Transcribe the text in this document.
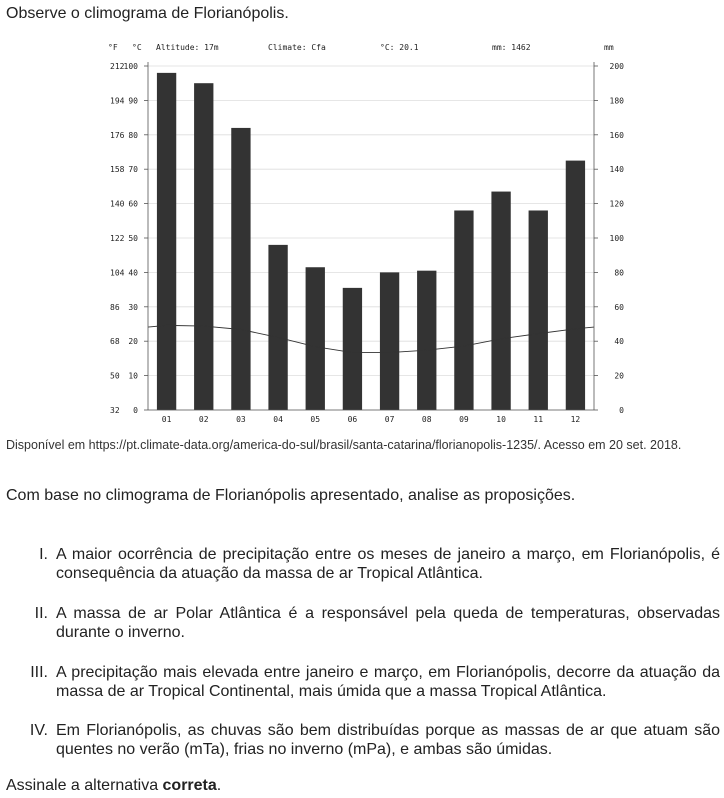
Observe o climograma de Florianópolis.
°F °C Altitude: 17m	Climate: Cfa	°C: 20.1	mm: 1462	mm
212 100	200
194 90	180
176 80	160
158 70	140
140 60	120
122 50	100
104 40	80
86 30	60
68 20	40
50 10	20
32 0	0
01	02	03	04	05	06	07	08	09	10	11	12
Disponível em https://pt.climate-data.org/america-do-sul/brasil/santa-catarina/florianopolis-1235/. Acesso em 20 set. 2018.
Com base no climograma de Florianópolis apresentado, analise as proposições.
I. A maior ocorrência de precipitação entre os meses de janeiro a março, em Florianópolis, é consequência da atuação da massa de ar Tropical Atlântica.
II. A massa de ar Polar Atlântica é a responsável pela queda de temperaturas, observadas durante o inverno.
III. A precipitação mais elevada entre janeiro e março, em Florianópolis, decorre da atuação da massa de ar Tropical Continental, mais úmida que a massa Tropical Atlântica.
IV. Em Florianópolis, as chuvas são bem distribuídas porque as massas de ar que atuam são quentes no verão (mTa), frias no inverno (mPa), e ambas são úmidas.
Assinale a alternativa correta.
